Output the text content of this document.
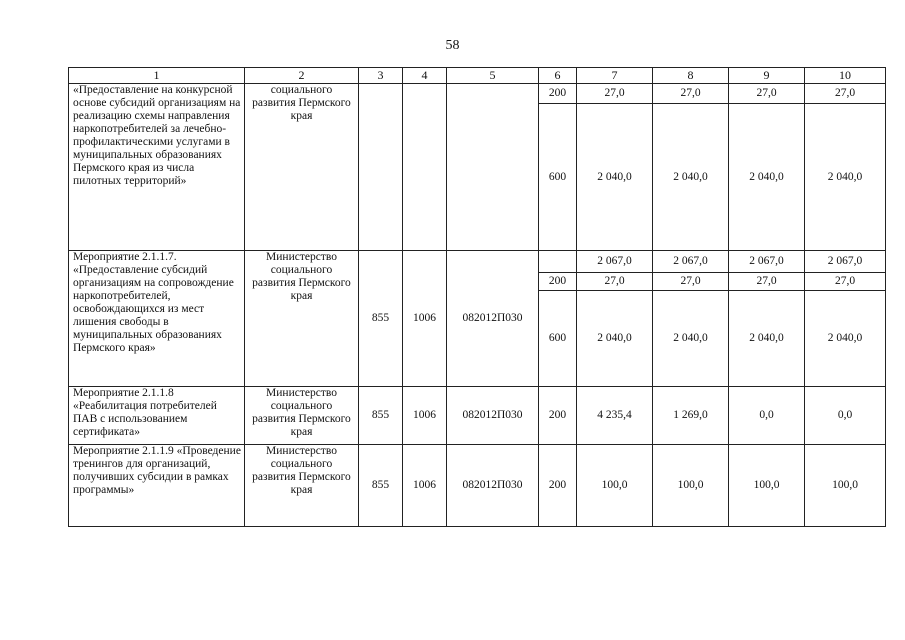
58
1	2	3	4	5	6	7	8	9	10
«Предоставление на конкурсной основе субсидий организациям на реализацию схемы направления наркопотребителей за лечебно-профилактическими услугами в муниципальных образованиях Пермского края из числа пилотных территорий»	социального развития Пермского края				200	27,0	27,0	27,0	27,0
					600	2 040,0	2 040,0	2 040,0	2 040,0
Мероприятие 2.1.1.7. «Предоставление субсидий организациям на сопровождение наркопотребителей, освобождающихся из мест лишения свободы в муниципальных образованиях Пермского края»	Министерство социального развития Пермского края	855	1006	082012П030		2 067,0	2 067,0	2 067,0	2 067,0
					200	27,0	27,0	27,0	27,0
					600	2 040,0	2 040,0	2 040,0	2 040,0
Мероприятие 2.1.1.8 «Реабилитация потребителей ПАВ с использованием сертификата»	Министерство социального развития Пермского края	855	1006	082012П030	200	4 235,4	1 269,0	0,0	0,0
Мероприятие 2.1.1.9 «Проведение тренингов для организаций, получивших субсидии в рамках программы»	Министерство социального развития Пермского края	855	1006	082012П030	200	100,0	100,0	100,0	100,0
